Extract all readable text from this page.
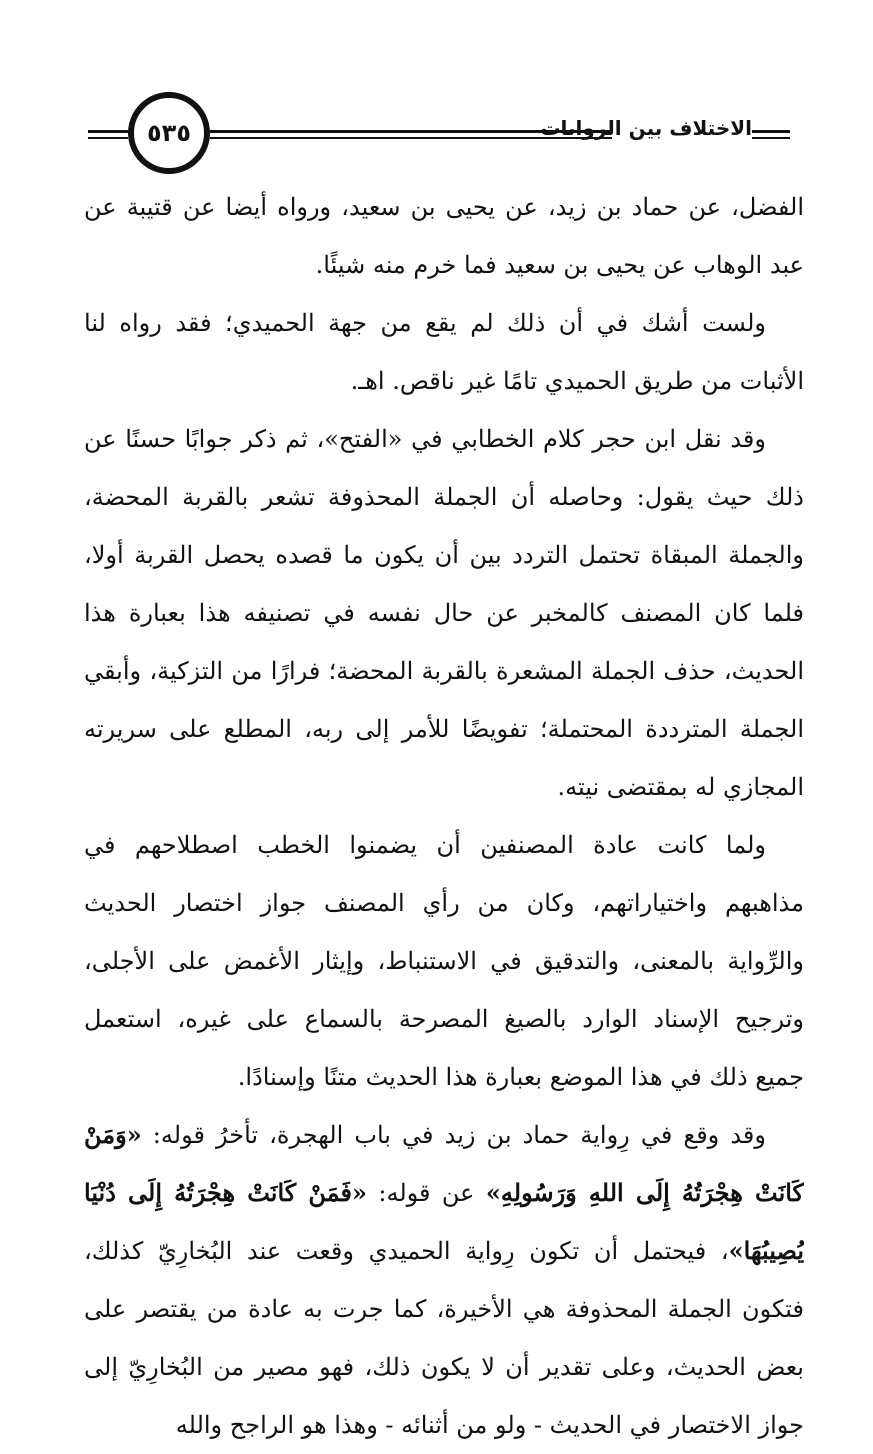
٥٣٥	الاختلاف بين الروايات
الفضل، عن حماد بن زيد، عن يحيى بن سعيد، ورواه أيضا عن قتيبة عن
عبد الوهاب عن يحيى بن سعيد فما خرم منه شيئًا.
ولست أشك في أن ذلك لم يقع من جهة الحميدي؛ فقد رواه لنا
الأثبات من طريق الحميدي تامًا غير ناقص. اهـ.
وقد نقل ابن حجر كلام الخطابي في «الفتح»، ثم ذكر جوابًا حسنًا عن
ذلك حيث يقول: وحاصله أن الجملة المحذوفة تشعر بالقربة المحضة،
والجملة المبقاة تحتمل التردد بين أن يكون ما قصده يحصل القربة أولا،
فلما كان المصنف كالمخبر عن حال نفسه في تصنيفه هذا بعبارة هذا
الحديث، حذف الجملة المشعرة بالقربة المحضة؛ فرارًا من التزكية، وأبقي
الجملة المترددة المحتملة؛ تفويضًا للأمر إلى ربه، المطلع على سريرته
المجازي له بمقتضى نيته.
ولما كانت عادة المصنفين أن يضمنوا الخطب اصطلاحهم في
مذاهبهم واختياراتهم، وكان من رأي المصنف جواز اختصار الحديث
والرِّواية بالمعنى، والتدقيق في الاستنباط، وإيثار الأغمض على الأجلى،
وترجيح الإسناد الوارد بالصيغ المصرحة بالسماع على غيره، استعمل
جميع ذلك في هذا الموضع بعبارة هذا الحديث متنًا وإسنادًا.
وقد وقع في رِواية حماد بن زيد في باب الهجرة، تأخرُ قوله: «وَمَنْ
كَانَتْ هِجْرَتُهُ إِلَى اللهِ وَرَسُولِهِ» عن قوله: «فَمَنْ كَانَتْ هِجْرَتُهُ إِلَى دُنْيَا
يُصِيبُهَا»، فيحتمل أن تكون رِواية الحميدي وقعت عند البُخارِيّ كذلك،
فتكون الجملة المحذوفة هي الأخيرة، كما جرت به عادة من يقتصر على
بعض الحديث، وعلى تقدير أن لا يكون ذلك، فهو مصير من البُخارِيّ إلى
جواز الاختصار في الحديث - ولو من أثنائه - وهذا هو الراجح والله
